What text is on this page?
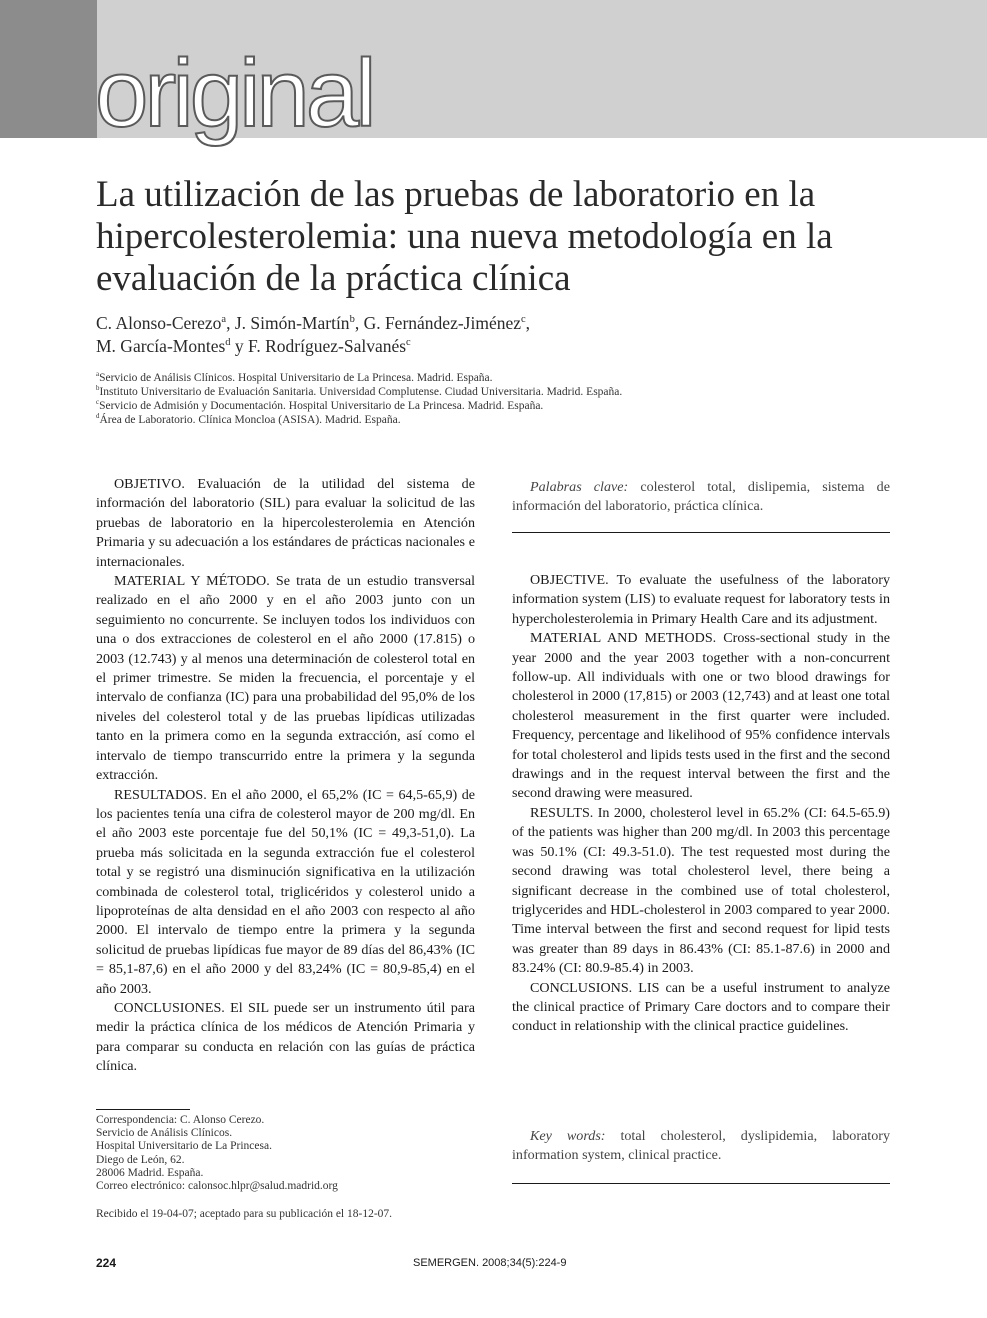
original
La utilización de las pruebas de laboratorio en la hipercolesterolemia: una nueva metodología en la evaluación de la práctica clínica
C. Alonso-Cerezo$^a$, J. Simón-Martín$^b$, G. Fernández-Jiménez$^c$,
M. García-Montes$^d$ y F. Rodríguez-Salvanés$^c$
$^a$Servicio de Análisis Clínicos. Hospital Universitario de La Princesa. Madrid. España.
$^b$Instituto Universitario de Evaluación Sanitaria. Universidad Complutense. Ciudad Universitaria. Madrid. España.
$^c$Servicio de Admisión y Documentación. Hospital Universitario de La Princesa. Madrid. España.
$^d$Área de Laboratorio. Clínica Moncloa (ASISA). Madrid. España.

OBJETIVO. Evaluación de la utilidad del sistema de información del laboratorio (SIL) para evaluar la solicitud de las pruebas de laboratorio en la hipercolesterolemia en Atención Primaria y su adecuación a los estándares de prácticas nacionales e internacionales.

MATERIAL Y MÉTODO. Se trata de un estudio transversal realizado en el año 2000 y en el año 2003 junto con un seguimiento no concurrente. Se incluyen todos los individuos con una o dos extracciones de colesterol en el año 2000 (17.815) o 2003 (12.743) y al menos una determinación de colesterol total en el primer trimestre. Se miden la frecuencia, el porcentaje y el intervalo de confianza (IC) para una probabilidad del 95,0% de los niveles del colesterol total y de las pruebas lipídicas utilizadas tanto en la primera como en la segunda extracción, así como el intervalo de tiempo transcurrido entre la primera y la segunda extracción.

RESULTADOS. En el año 2000, el 65,2% (IC = 64,5-65,9) de los pacientes tenía una cifra de colesterol mayor de 200 mg/dl. En el año 2003 este porcentaje fue del 50,1% (IC = 49,3-51,0). La prueba más solicitada en la segunda extracción fue el colesterol total y se registró una disminución significativa en la utilización combinada de colesterol total, triglicéridos y colesterol unido a lipoproteínas de alta densidad en el año 2003 con respecto al año 2000. El intervalo de tiempo entre la primera y la segunda solicitud de pruebas lipídicas fue mayor de 89 días del 86,43% (IC = 85,1-87,6) en el año 2000 y del 83,24% (IC = 80,9-85,4) en el año 2003.

CONCLUSIONES. El SIL puede ser un instrumento útil para medir la práctica clínica de los médicos de Atención Primaria y para comparar su conducta en relación con las guías de práctica clínica.

Palabras clave: colesterol total, dislipemia, sistema de información del laboratorio, práctica clínica.

OBJECTIVE. To evaluate the usefulness of the laboratory information system (LIS) to evaluate request for laboratory tests in hypercholesterolemia in Primary Health Care and its adjustment.

MATERIAL AND METHODS. Cross-sectional study in the year 2000 and the year 2003 together with a non-concurrent follow-up. All individuals with one or two blood drawings for cholesterol in 2000 (17,815) or 2003 (12,743) and at least one total cholesterol measurement in the first quarter were included. Frequency, percentage and likelihood of 95% confidence intervals for total cholesterol and lipids tests used in the first and the second drawings and in the request interval between the first and the second drawing were measured.

RESULTS. In 2000, cholesterol level in 65.2% (CI: 64.5-65.9) of the patients was higher than 200 mg/dl. In 2003 this percentage was 50.1% (CI: 49.3-51.0). The test requested most during the second drawing was total cholesterol level, there being a significant decrease in the combined use of total cholesterol, triglycerides and HDL-cholesterol in 2003 compared to year 2000. Time interval between the first and second request for lipid tests was greater than 89 days in 86.43% (CI: 85.1-87.6) in 2000 and 83.24% (CI: 80.9-85.4) in 2003.

CONCLUSIONS. LIS can be a useful instrument to analyze the clinical practice of Primary Care doctors and to compare their conduct in relationship with the clinical practice guidelines.

Key words: total cholesterol, dyslipidemia, laboratory information system, clinical practice.

Correspondencia: C. Alonso Cerezo.
Servicio de Análisis Clínicos.
Hospital Universitario de La Princesa.
Diego de León, 62.
28006 Madrid. España.
Correo electrónico: calonsoc.hlpr@salud.madrid.org
Recibido el 19-04-07; aceptado para su publicación el 18-12-07.
224	SEMERGEN. 2008;34(5):224-9
